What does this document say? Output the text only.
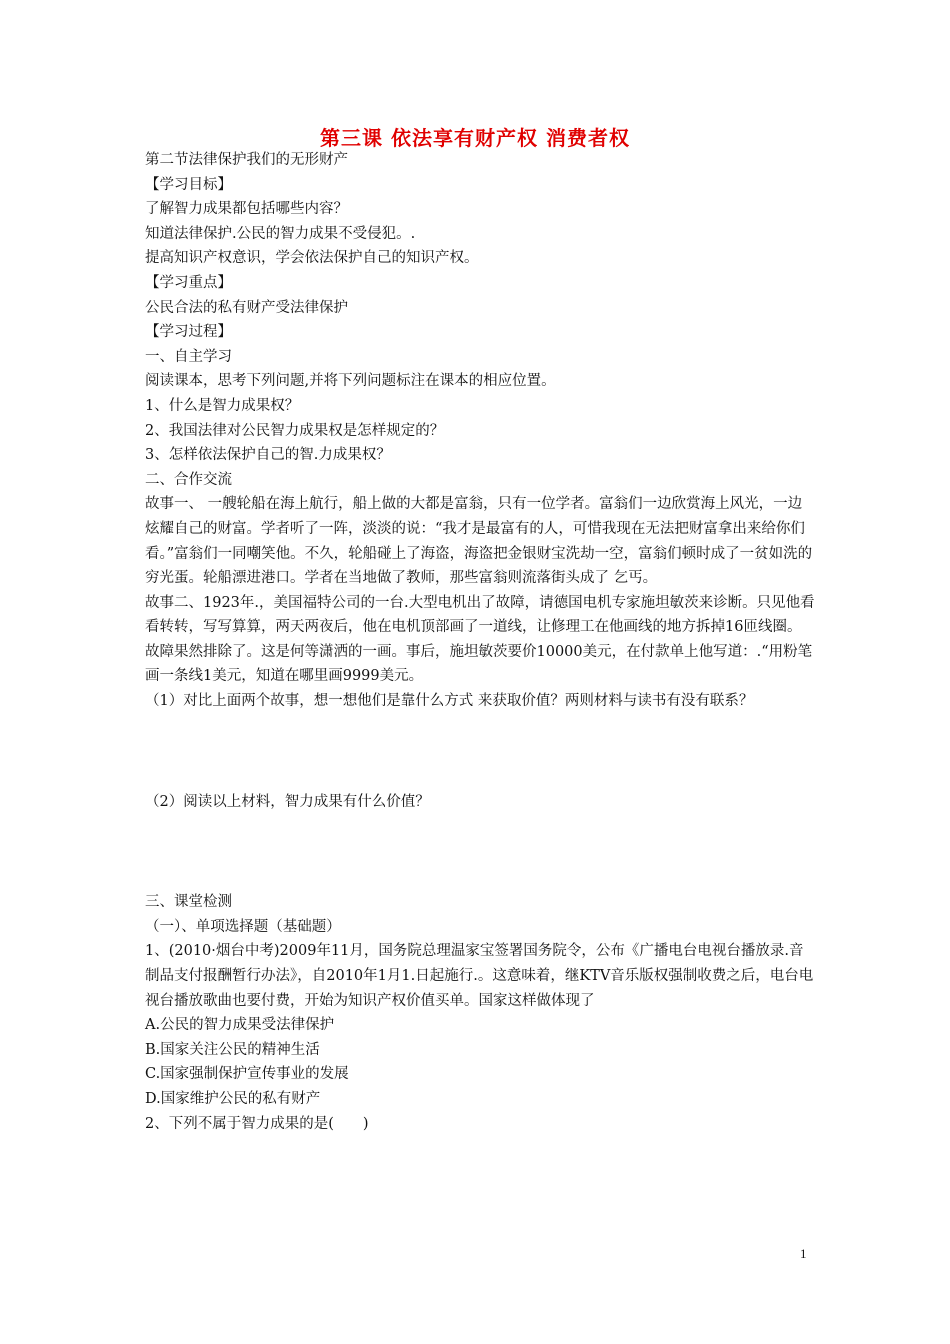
第三课 依法享有财产权 消费者权

第二节法律保护我们的无形财产

【学习目标】

了解智力成果都包括哪些内容？

知道法律保护.公民的智力成果不受侵犯。.

提高知识产权意识，学会依法保护自己的知识产权。

【学习重点】

公民合法的私有财产受法律保护

【学习过程】

一、自主学习

阅读课本，思考下列问题,并将下列问题标注在课本的相应位置。

1、什么是智力成果权？

2、我国法律对公民智力成果权是怎样规定的？

3、怎样依法保护自己的智.力成果权？

二、合作交流

故事一、 一艘轮船在海上航行，船上做的大都是富翁，只有一位学者。富翁们一边欣赏海上风光，一边炫耀自己的财富。学者听了一阵，淡淡的说：“我才是最富有的人，可惜我现在无法把财富拿出来给你们看。”富翁们一同嘲笑他。不久，轮船碰上了海盗，海盗把金银财宝洗劫一空，富翁们顿时成了一贫如洗的穷光蛋。轮船漂进港口。学者在当地做了教师，那些富翁则流落街头成了 乞丐。

故事二、1923年.，美国福特公司的一台.大型电机出了故障，请德国电机专家施坦敏茨来诊断。只见他看看转转，写写算算，两天两夜后，他在电机顶部画了一道线，让修理工在他画线的地方拆掉16匝线圈。故障果然排除了。这是何等潇洒的一画。事后，施坦敏茨要价10000美元，在付款单上他写道：.“用粉笔画一条线1美元，知道在哪里画9999美元。

（1）对比上面两个故事，想一想他们是靠什么方式 来获取价值？两则材料与读书有没有联系？

（2）阅读以上材料，智力成果有什么价值？

三、课堂检测

（一）、单项选择题（基础题）

1、(2010·烟台中考)2009年11月，国务院总理温家宝签署国务院令，公布《广播电台电视台播放录.音制品支付报酬暂行办法》，自2010年1月1.日起施行.。这意味着，继KTV音乐版权强制收费之后，电台电视台播放歌曲也要付费，开始为知识产权价值买单。国家这样做体现了

A.公民的智力成果受法律保护

B.国家关注公民的精神生活

C.国家强制保护宣传事业的发展

D.国家维护公民的私有财产

2、下列不属于智力成果的是(　　)

1
